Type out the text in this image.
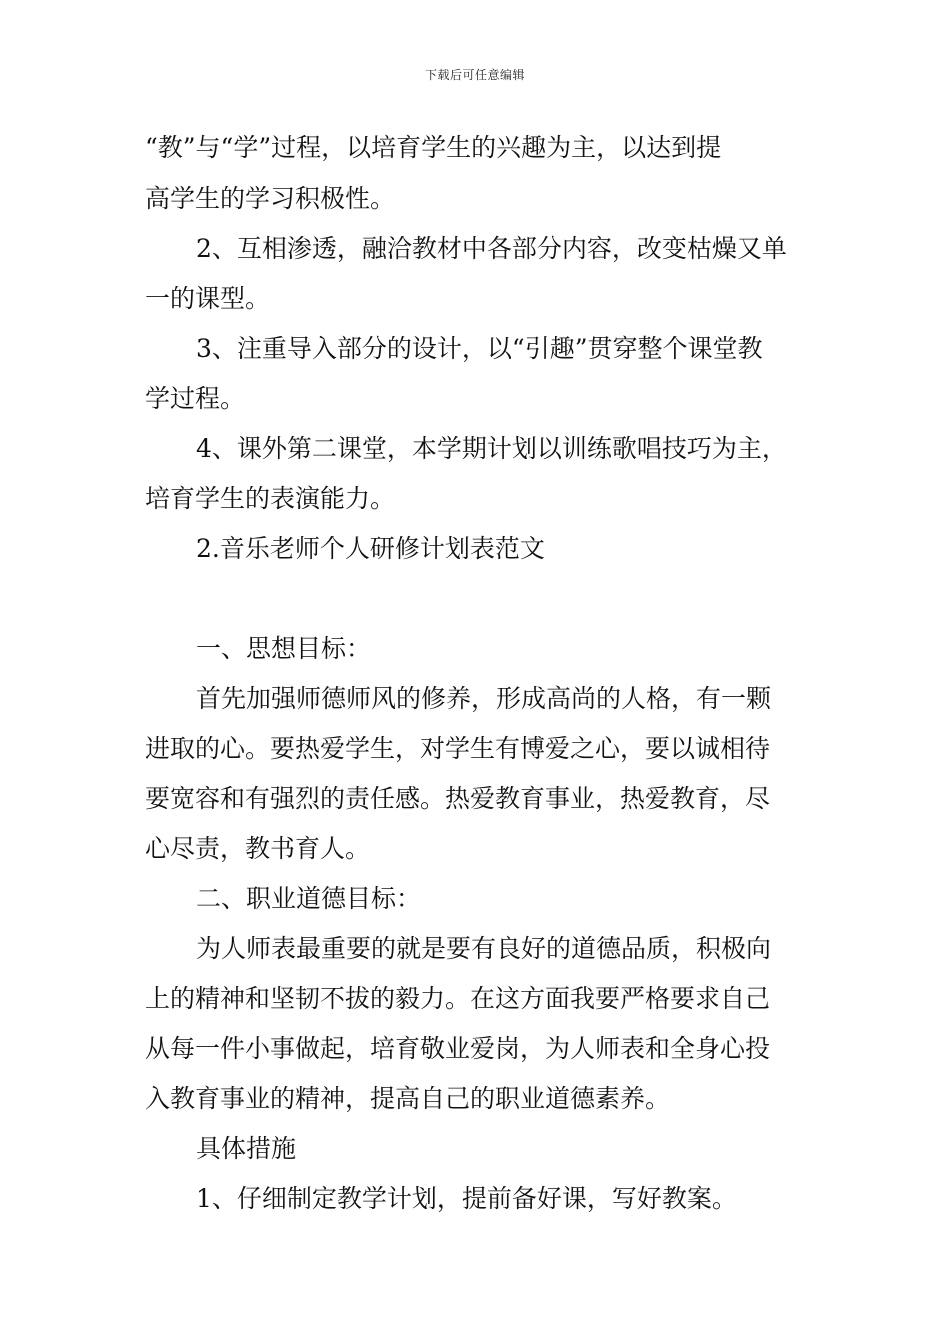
下载后可任意编辑
“教”与“学”过程，以培育学生的兴趣为主，以达到提
高学生的学习积极性。
2、互相渗透，融洽教材中各部分内容，改变枯燥又单
一的课型。
3、注重导入部分的设计，以“引趣”贯穿整个课堂教
学过程。
4、课外第二课堂，本学期计划以训练歌唱技巧为主，
培育学生的表演能力。
2.音乐老师个人研修计划表范文
一、思想目标：
首先加强师德师风的修养，形成高尚的人格，有一颗
进取的心。要热爱学生，对学生有博爱之心，要以诚相待
要宽容和有强烈的责任感。热爱教育事业，热爱教育，尽
心尽责，教书育人。
二、职业道德目标：
为人师表最重要的就是要有良好的道德品质，积极向
上的精神和坚韧不拔的毅力。在这方面我要严格要求自己
从每一件小事做起，培育敬业爱岗，为人师表和全身心投
入教育事业的精神，提高自己的职业道德素养。
具体措施
1、仔细制定教学计划，提前备好课，写好教案。
